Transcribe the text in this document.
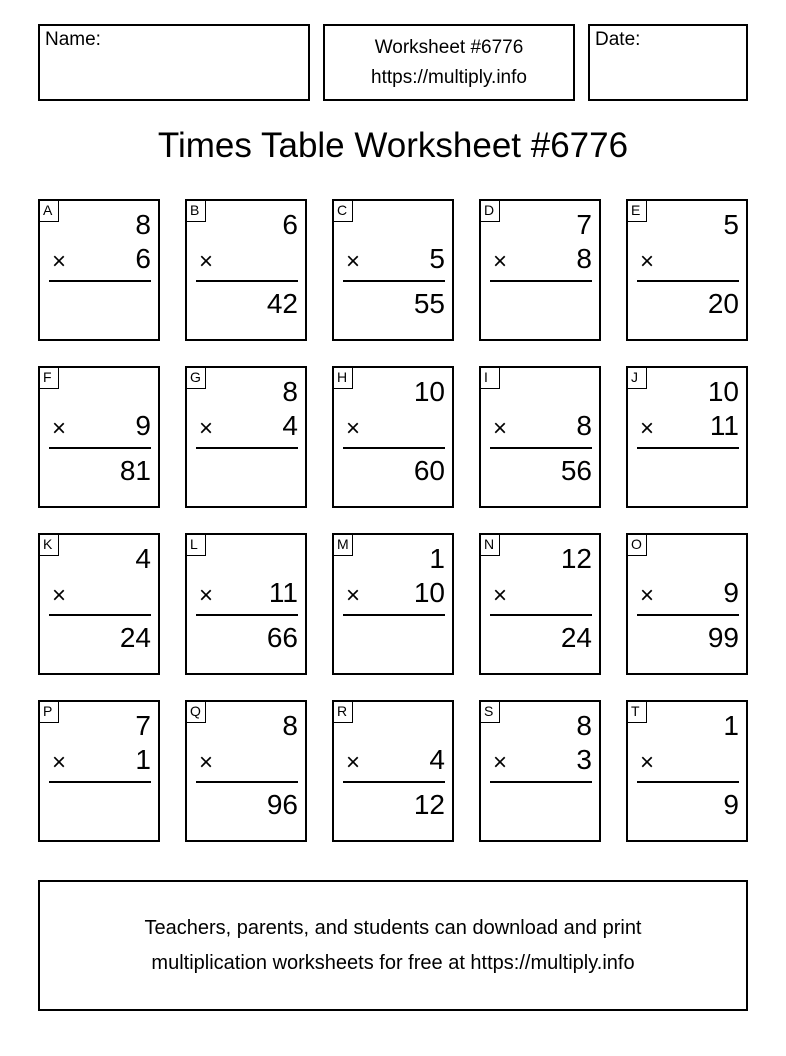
Name:	Worksheet #6776
https://multiply.info
Date:
Times Table Worksheet #6776
A	8
× 6
B	6
×
42
C
× 5
55
D	7
× 8
E	5
×
20
F
× 9
81
G	8
× 4
H 10
×
60
I
× 8
56
J	10
× 11
K	4
×
24
L
× 11
66
M	1
× 10
N 12
×
24
O
× 9
99
P	7
× 1
Q	8
×
96
R
× 4
12
S	8
× 3
T	1
×
9
Teachers, parents, and students can download and print
multiplication worksheets for free at https://multiply.info
